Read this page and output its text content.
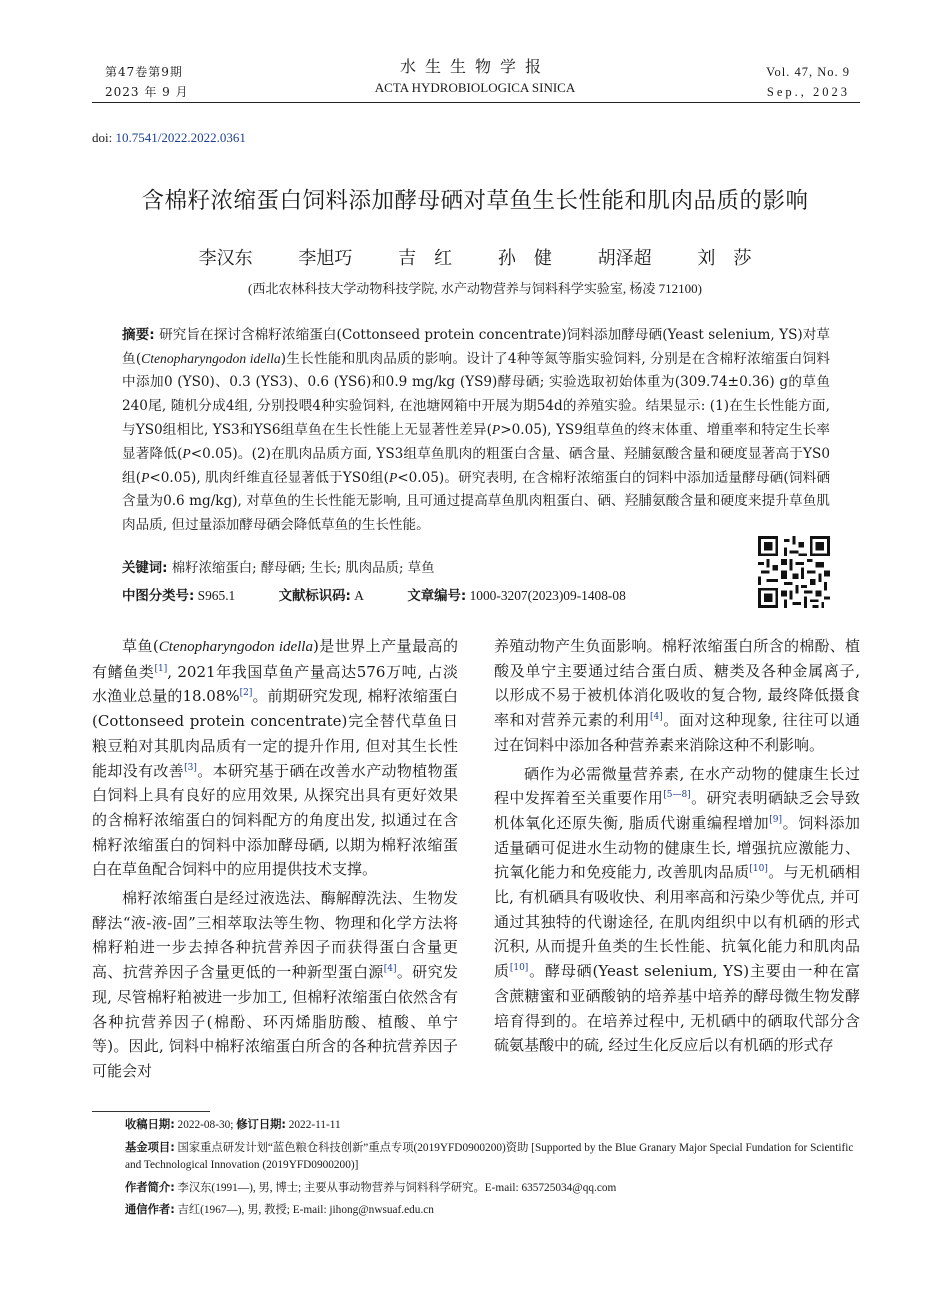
第47卷第9期
2023 年 9 月
水生生物学报
ACTA HYDROBIOLOGICA SINICA
Vol. 47, No. 9
Sep., 2023
doi: 10.7541/2022.2022.0361
含棉籽浓缩蛋白饲料添加酵母硒对草鱼生长性能和肌肉品质的影响
李汉东	李旭巧	吉　红	孙　健	胡泽超	刘　莎
(西北农林科技大学动物科技学院, 水产动物营养与饲料科学实验室, 杨凌 712100)
摘要: 研究旨在探讨含棉籽浓缩蛋白(Cottonseed protein concentrate)饲料添加酵母硒(Yeast selenium, YS)对草鱼(Ctenopharyngodon idella)生长性能和肌肉品质的影响。设计了4种等氮等脂实验饲料, 分别是在含棉籽浓缩蛋白饲料中添加0 (YS0)、0.3 (YS3)、0.6 (YS6)和0.9 mg/kg (YS9)酵母硒; 实验选取初始体重为(309.74±0.36) g的草鱼240尾, 随机分成4组, 分别投喂4种实验饲料, 在池塘网箱中开展为期54d的养殖实验。结果显示: (1)在生长性能方面, 与YS0组相比, YS3和YS6组草鱼在生长性能上无显著性差异(P>0.05), YS9组草鱼的终末体重、增重率和特定生长率显著降低(P<0.05)。(2)在肌肉品质方面, YS3组草鱼肌肉的粗蛋白含量、硒含量、羟脯氨酸含量和硬度显著高于YS0组(P<0.05), 肌肉纤维直径显著低于YS0组(P<0.05)。研究表明, 在含棉籽浓缩蛋白的饲料中添加适量酵母硒(饲料硒含量为0.6 mg/kg), 对草鱼的生长性能无影响, 且可通过提高草鱼肌肉粗蛋白、硒、羟脯氨酸含量和硬度来提升草鱼肌肉品质, 但过量添加酵母硒会降低草鱼的生长性能。
关键词: 棉籽浓缩蛋白; 酵母硒; 生长; 肌肉品质; 草鱼
中图分类号: S965.1	文献标识码: A	文章编号: 1000-3207(2023)09-1408-08

草鱼(Ctenopharyngodon idella)是世界上产量最高的有鳍鱼类[1], 2021年我国草鱼产量高达576万吨, 占淡水渔业总量的18.08%[2]。前期研究发现, 棉籽浓缩蛋白(Cottonseed protein concentrate)完全替代草鱼日粮豆粕对其肌肉品质有一定的提升作用, 但对其生长性能却没有改善[3]。本研究基于硒在改善水产动物植物蛋白饲料上具有良好的应用效果, 从探究出具有更好效果的含棉籽浓缩蛋白的饲料配方的角度出发, 拟通过在含棉籽浓缩蛋白的饲料中添加酵母硒, 以期为棉籽浓缩蛋白在草鱼配合饲料中的应用提供技术支撑。

棉籽浓缩蛋白是经过液选法、酶解醇洗法、生物发酵法“液-液-固”三相萃取法等生物、物理和化学方法将棉籽粕进一步去掉各种抗营养因子而获得蛋白含量更高、抗营养因子含量更低的一种新型蛋白源[4]。研究发现, 尽管棉籽粕被进一步加工, 但棉籽浓缩蛋白依然含有各种抗营养因子(棉酚、环丙烯脂肪酸、植酸、单宁等)。因此, 饲料中棉籽浓缩蛋白所含的各种抗营养因子可能会对

养殖动物产生负面影响。棉籽浓缩蛋白所含的棉酚、植酸及单宁主要通过结合蛋白质、糖类及各种金属离子, 以形成不易于被机体消化吸收的复合物, 最终降低摄食率和对营养元素的利用[4]。面对这种现象, 往往可以通过在饲料中添加各种营养素来消除这种不利影响。

硒作为必需微量营养素, 在水产动物的健康生长过程中发挥着至关重要作用[5—8]。研究表明硒缺乏会导致机体氧化还原失衡, 脂质代谢重编程增加[9]。饲料添加适量硒可促进水生动物的健康生长, 增强抗应激能力、抗氧化能力和免疫能力, 改善肌肉品质[10]。与无机硒相比, 有机硒具有吸收快、利用率高和污染少等优点, 并可通过其独特的代谢途径, 在肌肉组织中以有机硒的形式沉积, 从而提升鱼类的生长性能、抗氧化能力和肌肉品质[10]。酵母硒(Yeast selenium, YS)主要由一种在富含蔗糖蜜和亚硒酸钠的培养基中培养的酵母微生物发酵培育得到的。在培养过程中, 无机硒中的硒取代部分含硫氨基酸中的硫, 经过生化反应后以有机硒的形式存

收稿日期: 2022-08-30; 修订日期: 2022-11-11
基金项目: 国家重点研发计划“蓝色粮仓科技创新”重点专项(2019YFD0900200)资助 [Supported by the Blue Granary Major Special Fundation for Scientific and Technological Innovation (2019YFD0900200)]
作者简介: 李汉东(1991—), 男, 博士; 主要从事动物营养与饲料科学研究。E-mail: 635725034@qq.com
通信作者: 吉红(1967—), 男, 教授; E-mail: jihong@nwsuaf.edu.cn
